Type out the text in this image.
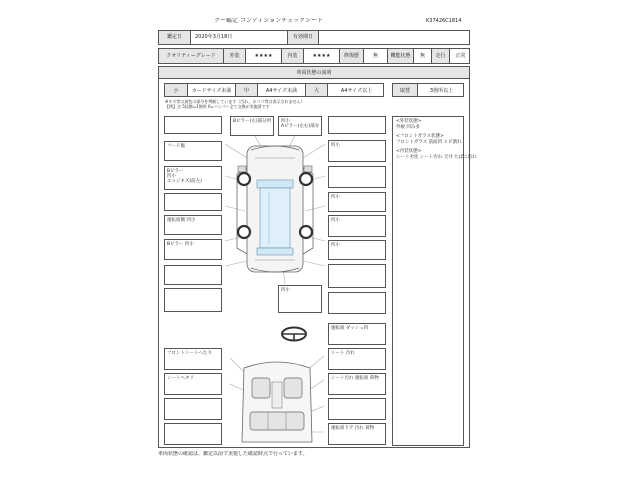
グー鑑定 コンディションチェックシート	K37426C1814
鑑定日	2020年3月18日	有効期日
クオリティーグレード	外装	★★★★	内装	★★★★	修復歴	無	機能状態	無	走行	正常
車両状態の説明
小	カードサイズ未満	中	A4サイズ未満	大	A4サイズ以上	取替	3箇所以上
※キズ等は黒色の部分を判断しています（汚れ、ホコリ等は表示されません）
【例】全 5段階=1箇所 0=バンパー全て交換が実施済です
フード傷
Bピラー
凹小
エッジキズ(前左)
運転席側 凹小
Bピラー 凹小
Bピラー(左)部分凹 凹小
Aピラー(左右)部分
凹小
凹小
凹小
凹小
凹小
運転席 ダッシュ凹
フロントシートへたり	シート 汚れ
シートヘタリ	シート汚れ 運転席 荷物
運転席ドア 汚れ 荷物
<外装状態>
外板 凹み多
<フロントガラス状態>
フロントガラス 前面凹 ヒビ割れ
<内装状態>
シート劣化 シート汚れ 天井 たばこ汚れ
車両状態の確認は、鑑定以前で実施した確認時点で行っています。
